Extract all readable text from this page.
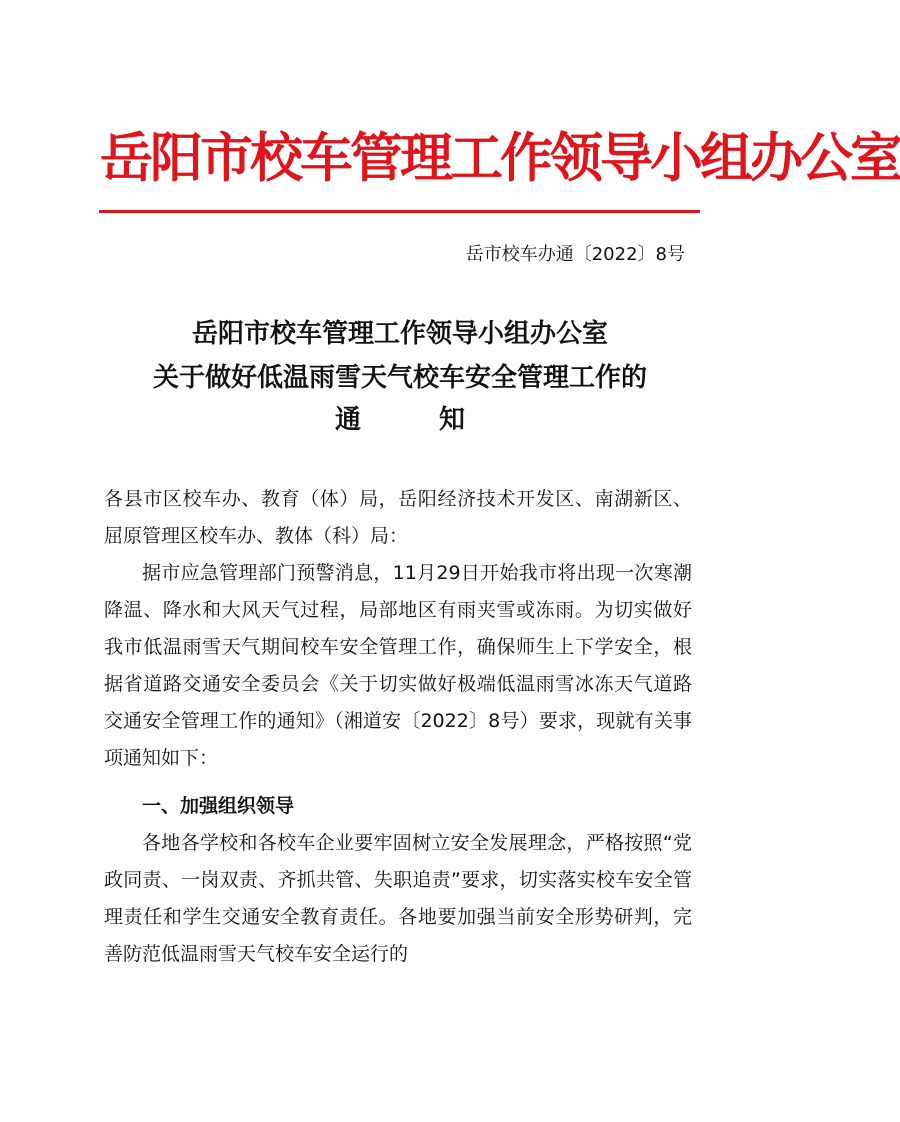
岳阳市校车管理工作领导小组办公室
岳市校车办通〔2022〕8号
岳阳市校车管理工作领导小组办公室
关于做好低温雨雪天气校车安全管理工作的
通	知

各县市区校车办、教育（体）局，岳阳经济技术开发区、南湖新区、屈原管理区校车办、教体（科）局：

据市应急管理部门预警消息，11月29日开始我市将出现一次寒潮降温、降水和大风天气过程，局部地区有雨夹雪或冻雨。为切实做好我市低温雨雪天气期间校车安全管理工作，确保师生上下学安全，根据省道路交通安全委员会《关于切实做好极端低温雨雪冰冻天气道路交通安全管理工作的通知》（湘道安〔2022〕8号）要求，现就有关事项通知如下：

一、加强组织领导

各地各学校和各校车企业要牢固树立安全发展理念，严格按照“党政同责、一岗双责、齐抓共管、失职追责”要求，切实落实校车安全管理责任和学生交通安全教育责任。各地要加强当前安全形势研判，完善防范低温雨雪天气校车安全运行的
